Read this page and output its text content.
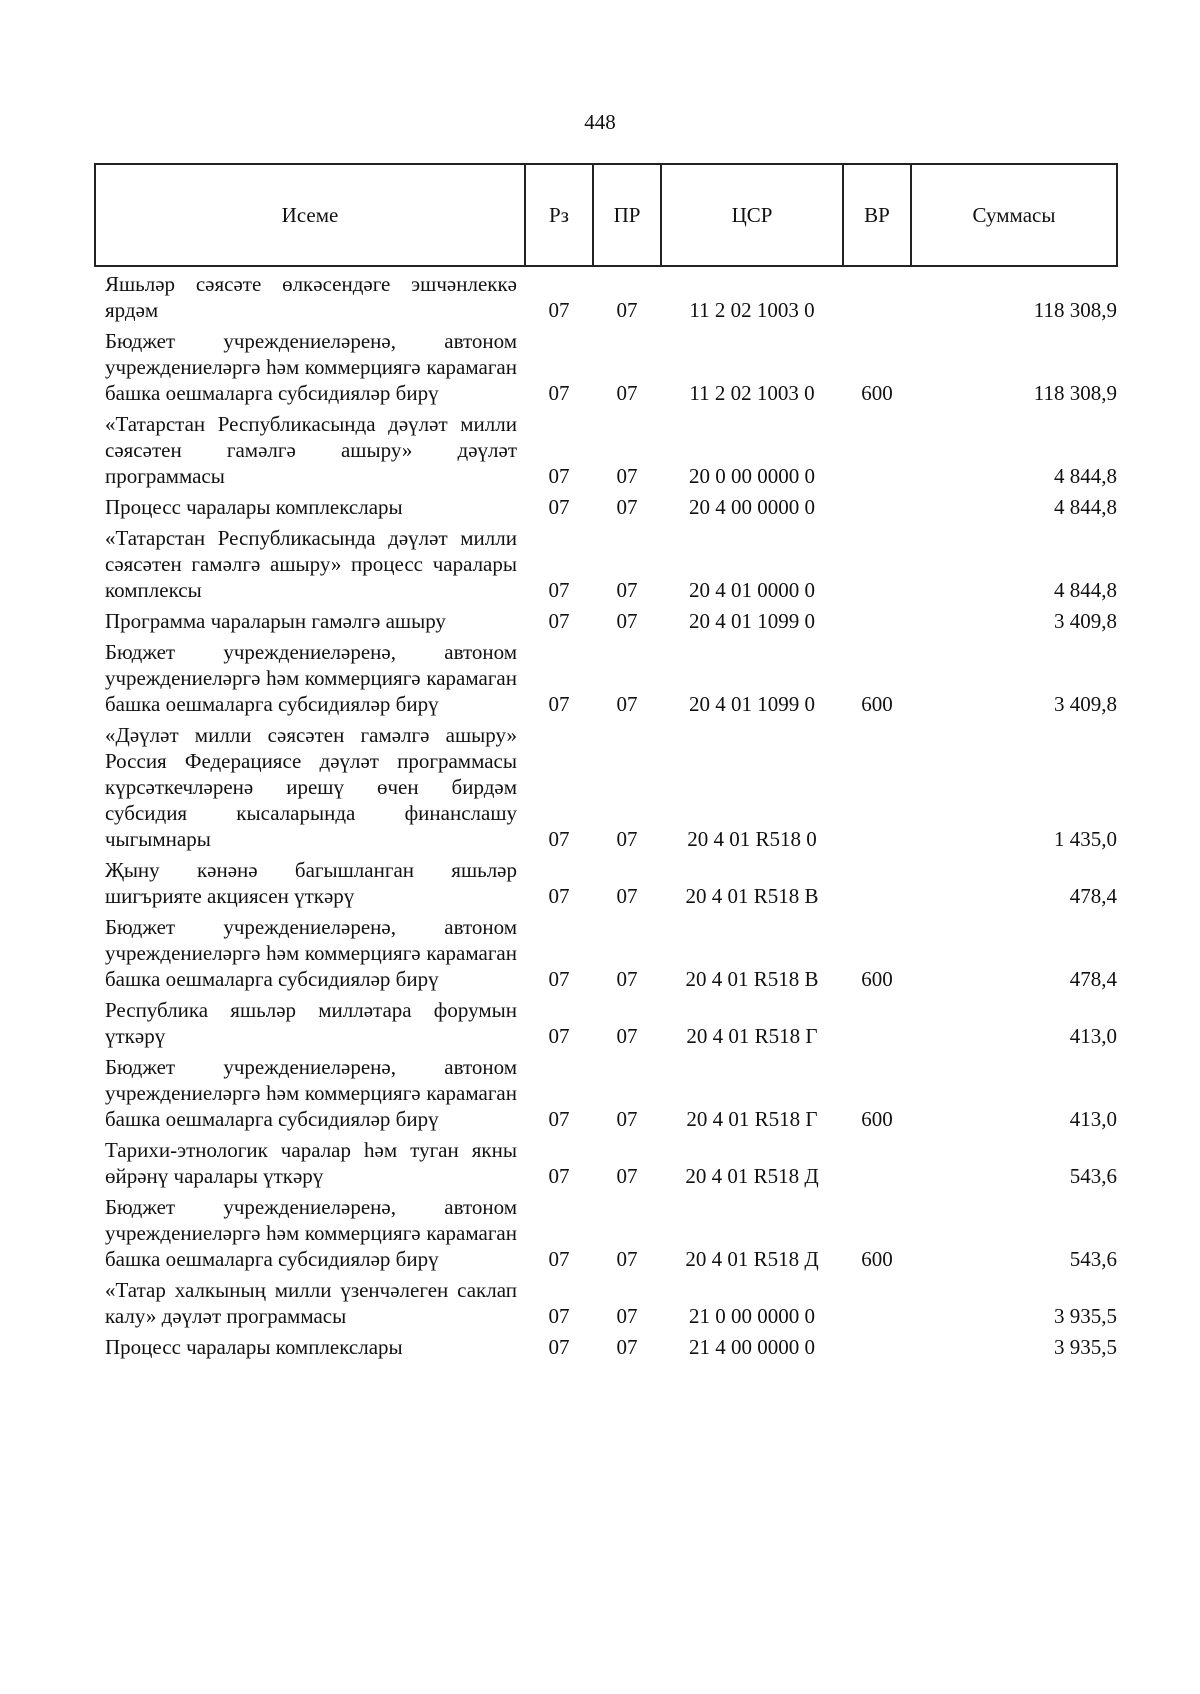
448
Исеме	Рз	ПР	ЦСР	ВР	Суммасы
Яшьләр сәясәте өлкәсендәге эшчәнлеккә ярдәм	07	07	11 2 02 1003 0		118 308,9
Бюджет учреждениеләренә, автоном учреждениеләргә һәм коммерциягә карамаган башка оешмаларга субсидияләр бирү	07	07	11 2 02 1003 0	600	118 308,9
«Татарстан Республикасында дәүләт милли сәясәтен гамәлгә ашыру» дәүләт программасы	07	07	20 0 00 0000 0		4 844,8
Процесс чаралары комплекслары	07	07	20 4 00 0000 0		4 844,8
«Татарстан Республикасында дәүләт милли сәясәтен гамәлгә ашыру» процесс чаралары комплексы	07	07	20 4 01 0000 0		4 844,8
Программа чараларын гамәлгә ашыру	07	07	20 4 01 1099 0		3 409,8
Бюджет учреждениеләренә, автоном учреждениеләргә һәм коммерциягә карамаган башка оешмаларга субсидияләр бирү	07	07	20 4 01 1099 0	600	3 409,8
«Дәүләт милли сәясәтен гамәлгә ашыру» Россия Федерациясе дәүләт программасы күрсәткечләренә ирешү өчен бирдәм субсидия кысаларында финанслашу чыгымнары	07	07	20 4 01 R518 0		1 435,0
Җыну кәнәнә багышланган яшьләр шигърияте акциясен үткәрү	07	07	20 4 01 R518 В		478,4
Бюджет учреждениеләренә, автоном учреждениеләргә һәм коммерциягә карамаган башка оешмаларга субсидияләр бирү	07	07	20 4 01 R518 В	600	478,4
Республика яшьләр милләтара форумын үткәрү	07	07	20 4 01 R518 Г		413,0
Бюджет учреждениеләренә, автоном учреждениеләргә һәм коммерциягә карамаган башка оешмаларга субсидияләр бирү	07	07	20 4 01 R518 Г	600	413,0
Тарихи-этнологик чаралар һәм туган якны өйрәнү чаралары үткәрү	07	07	20 4 01 R518 Д		543,6
Бюджет учреждениеләренә, автоном учреждениеләргә һәм коммерциягә карамаган башка оешмаларга субсидияләр бирү	07	07	20 4 01 R518 Д	600	543,6
«Татар халкының милли үзенчәлеген саклап калу» дәүләт программасы	07	07	21 0 00 0000 0		3 935,5
Процесс чаралары комплекслары	07	07	21 4 00 0000 0		3 935,5
